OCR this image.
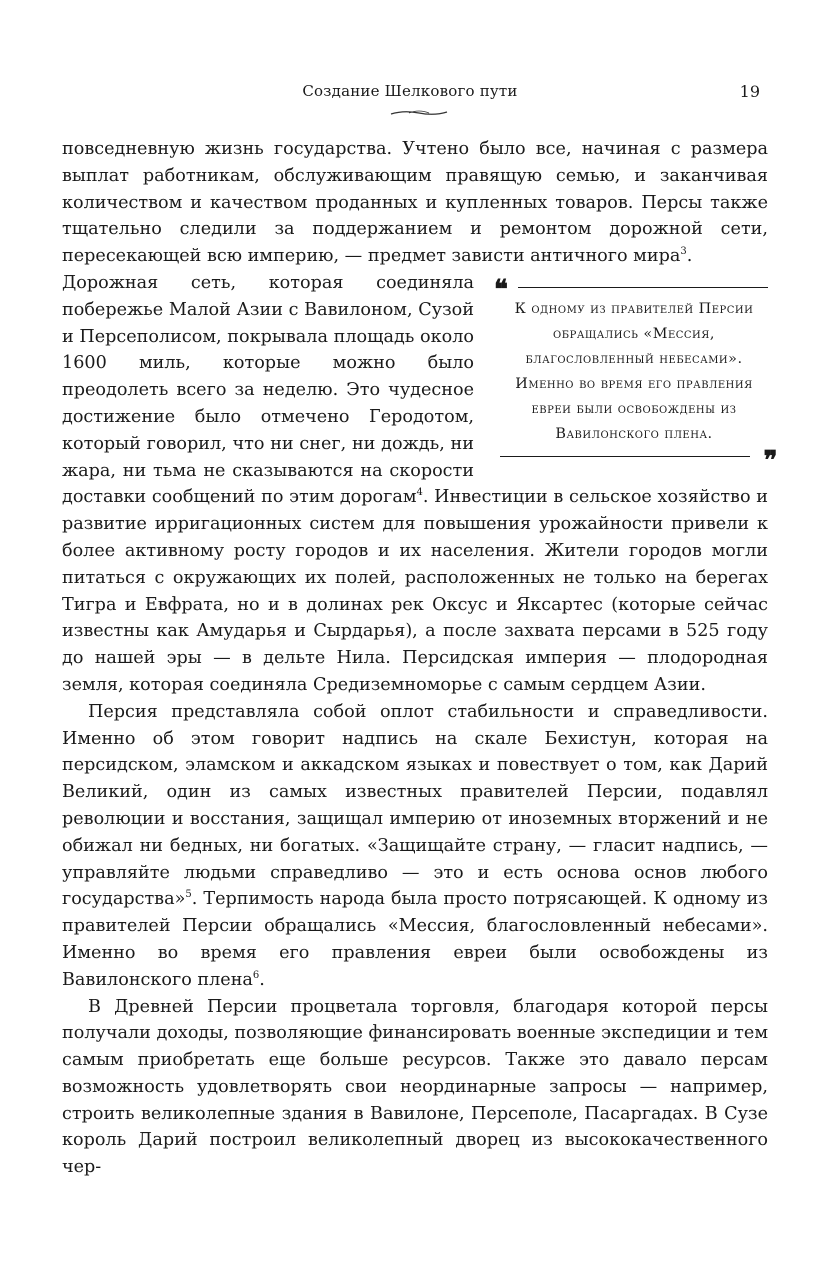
Создание Шелкового пути	19

повседневную жизнь государства. Учтено было все, начиная с размера выплат работникам, обслуживающим правящую семью, и заканчивая количеством и качеством проданных и купленных товаров. Персы также тщательно следили за поддержанием и ремонтом дорожной сети, пересекающей всю империю, — предмет зависти античного мира$^3$.

❝
К одному из правителей Персии обращались «Мессия, благословленный небесами». Именно во время его правления евреи были освобождены из Вавилонского плена.
❞
Дорожная сеть, которая соединяла побережье Малой Азии с Вавилоном, Сузой и Персеполисом, покрывала площадь около 1600 миль, которые можно было преодолеть всего за неделю. Это чудесное достижение было отмечено Геродотом, который говорил, что ни снег, ни дождь, ни жара, ни тьма не сказываются на скорости доставки сообщений по этим дорогам$^4$. Инвестиции в сельское хозяйство и развитие ирригационных систем для повышения урожайности привели к более активному росту городов и их населения. Жители городов могли питаться с окружающих их полей, расположенных не только на берегах Тигра и Евфрата, но и в долинах рек Оксус и Яксартес (которые сейчас известны как Амударья и Сырдарья), а после захвата персами в 525 году до нашей эры — в дельте Нила. Персидская империя — плодородная земля, которая соединяла Средиземноморье с самым сердцем Азии.

Персия представляла собой оплот стабильности и справедливости. Именно об этом говорит надпись на скале Бехистун, которая на персидском, эламском и аккадском языках и повествует о том, как Дарий Великий, один из самых известных правителей Персии, подавлял революции и восстания, защищал империю от иноземных вторжений и не обижал ни бедных, ни богатых. «Защищайте страну, — гласит надпись, — управляйте людьми справедливо — это и есть основа основ любого государства»$^5$. Терпимость народа была просто потрясающей. К одному из правителей Персии обращались «Мессия, благословленный небесами». Именно во время его правления евреи были освобождены из Вавилонского плена$^6$.

В Древней Персии процветала торговля, благодаря которой персы получали доходы, позволяющие финансировать военные экспедиции и тем самым приобретать еще больше ресурсов. Также это давало персам возможность удовлетворять свои неординарные запросы — например, строить великолепные здания в Вавилоне, Персеполе, Пасаргадах. В Сузе король Дарий построил великолепный дворец из высококачественного чер-
